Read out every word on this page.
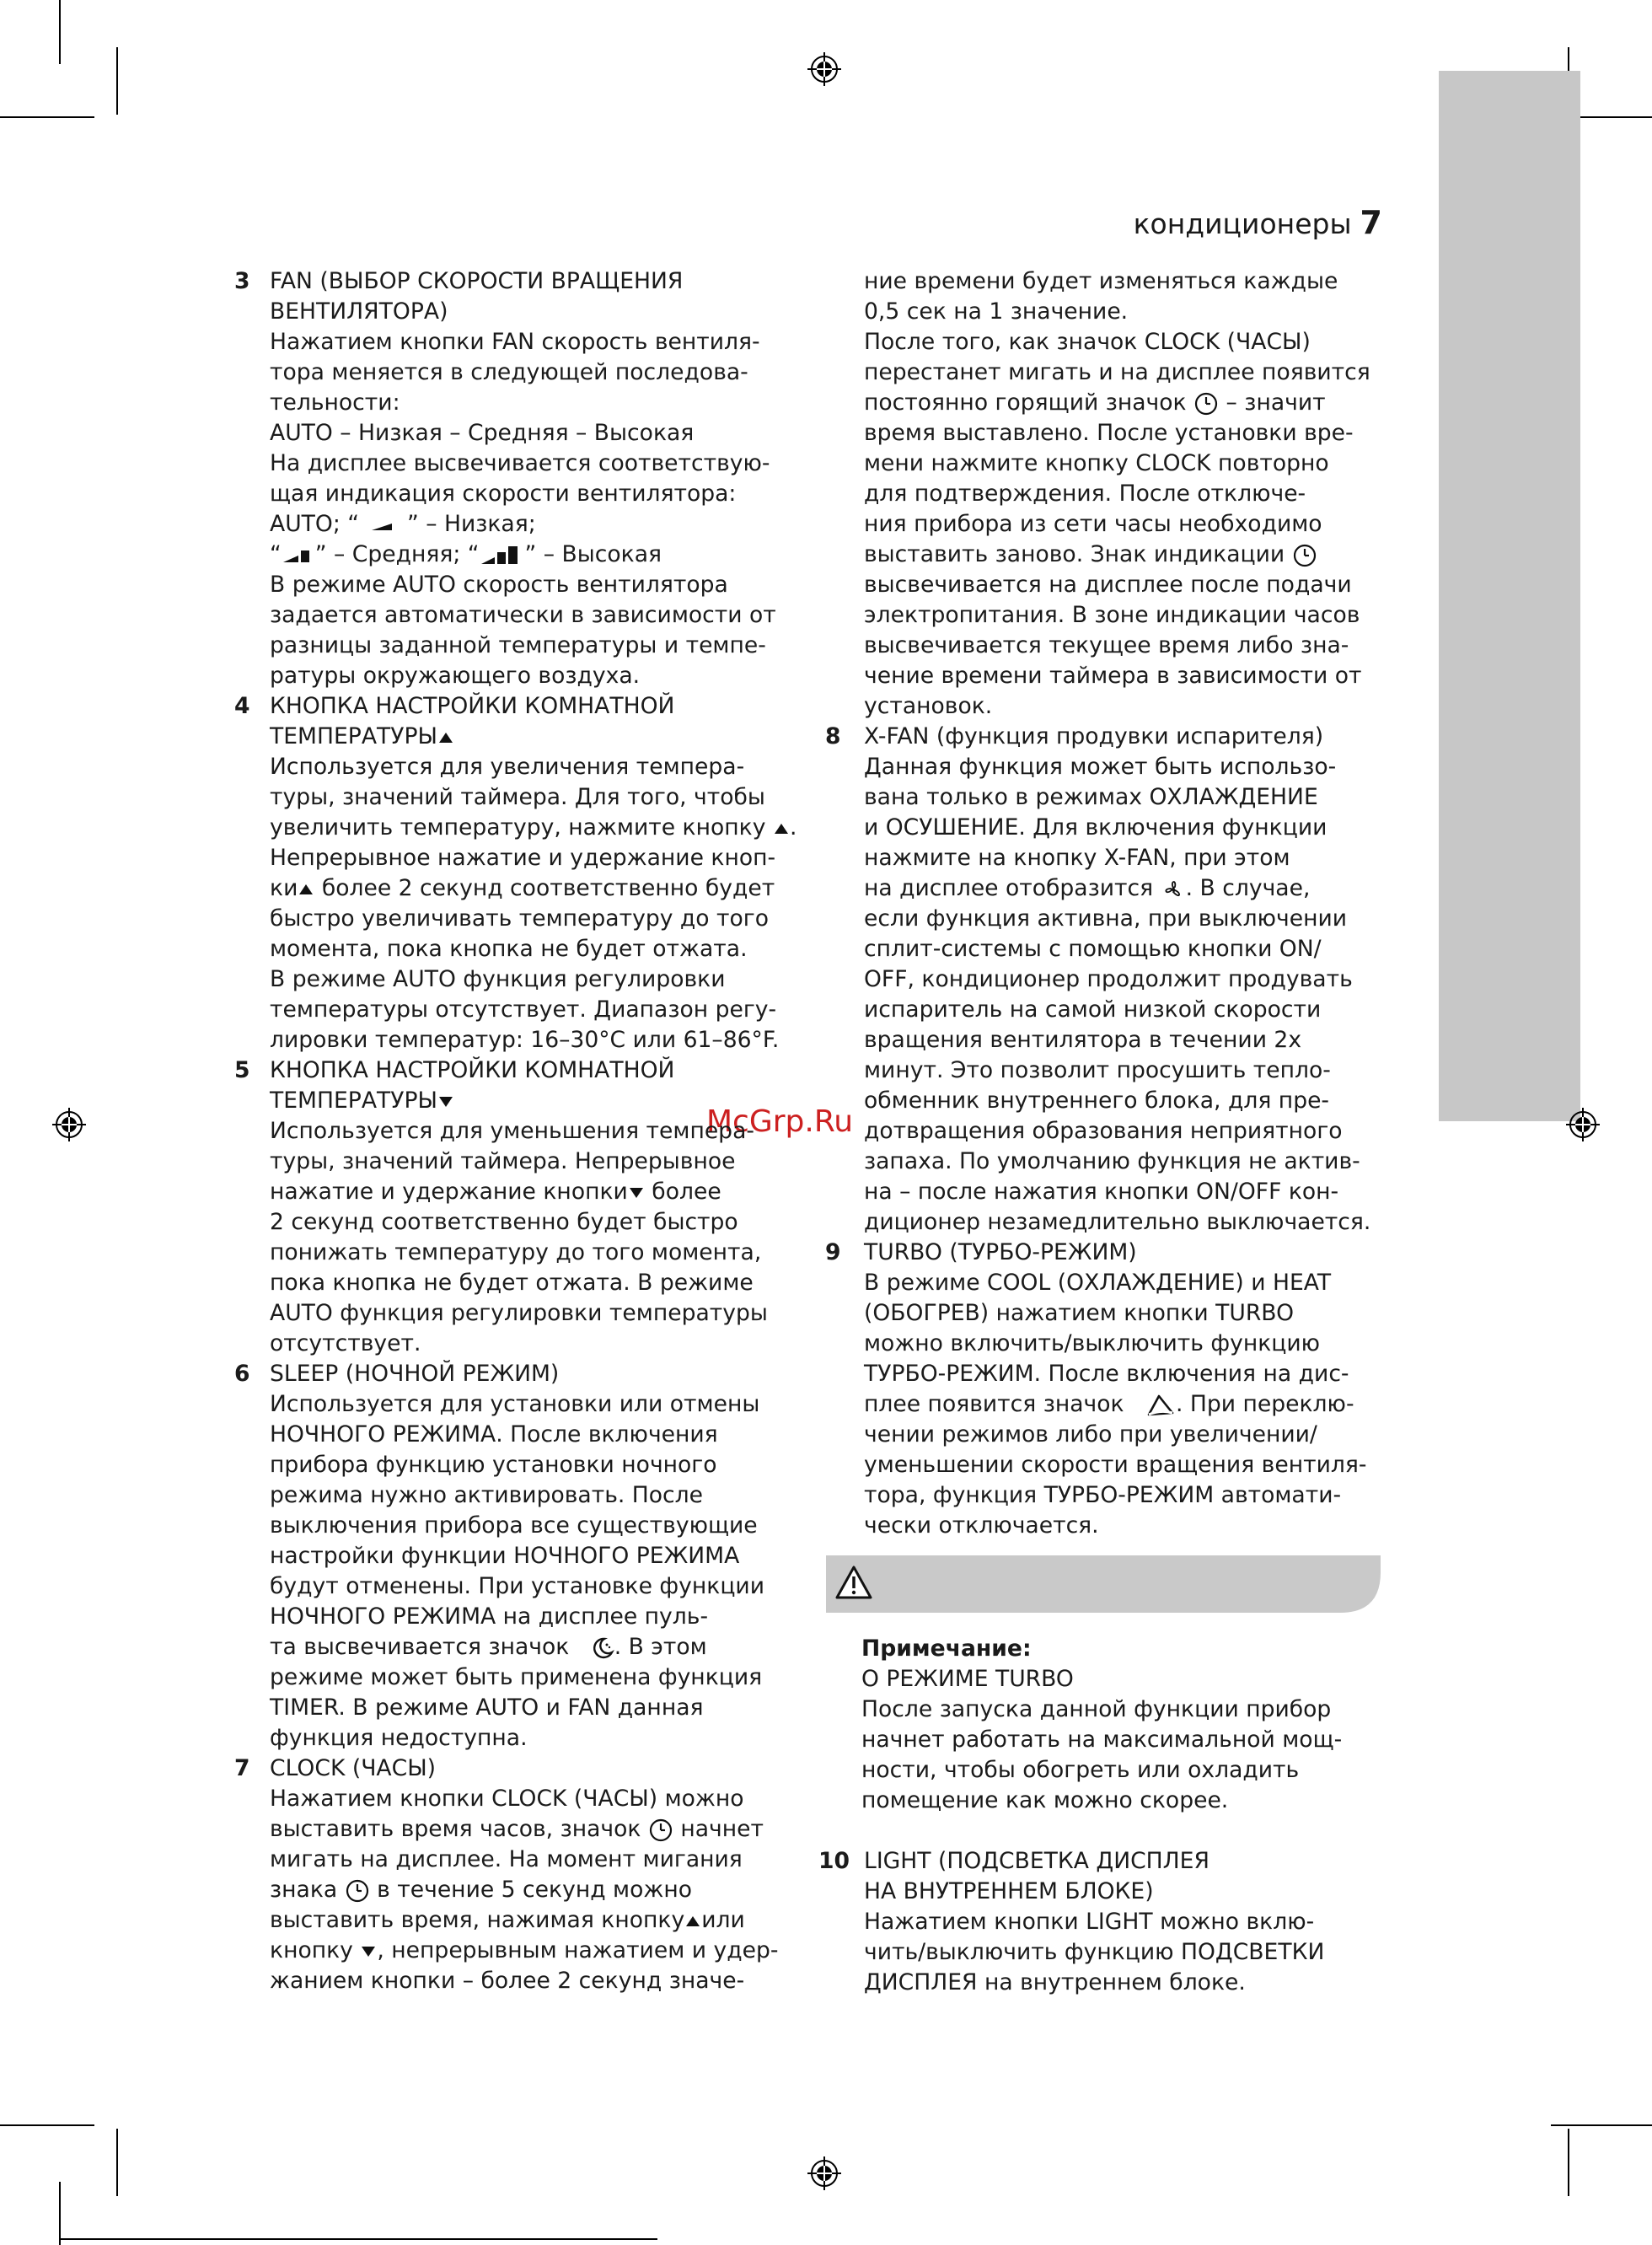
кондиционеры 7
McGrp.Ru
3 FAN (ВЫБОР СКОРОСТИ ВРАЩЕНИЯ
ВЕНТИЛЯТОРА)
Нажатием кнопки FAN скорость вентиля-
тора меняется в следующей последова-
тельности:
AUTO – Низкая – Средняя – Высокая
На дисплее высвечивается соответствую-
щая индикация скорости вентилятора:
AUTO; “ ” – Низкая;
“ ” – Средняя; “ ” – Высокая
В режиме AUTO скорость вентилятора
задается автоматически в зависимости от
разницы заданной температуры и темпе-
ратуры окружающего воздуха.
4 КНОПКА НАСТРОЙКИ КОМНАТНОЙ
ТЕМПЕРАТУРЫ
Используется для увеличения темпера-
туры, значений таймера. Для того, чтобы
увеличить температуру, нажмите кнопку .
Непрерывное нажатие и удержание кноп-
ки более 2 секунд соответственно будет
быстро увеличивать температуру до того
момента, пока кнопка не будет отжата.
В режиме AUTO функция регулировки
температуры отсутствует. Диапазон регу-
лировки температур: 16–30°С или 61–86°F.
5 КНОПКА НАСТРОЙКИ КОМНАТНОЙ
ТЕМПЕРАТУРЫ
Используется для уменьшения темпера-
туры, значений таймера. Непрерывное
нажатие и удержание кнопки более
2 секунд соответственно будет быстро
понижать температуру до того момента,
пока кнопка не будет отжата. В режиме
AUTO функция регулировки температуры
отсутствует.
6 SLEEP (НОЧНОЙ РЕЖИМ)
Используется для установки или отмены
НОЧНОГО РЕЖИМА. После включения
прибора функцию установки ночного
режима нужно активировать. После
выключения прибора все существующие
настройки функции НОЧНОГО РЕЖИМА
будут отменены. При установке функции
НОЧНОГО РЕЖИМА на дисплее пуль-
та высвечивается значок . В этом
режиме может быть применена функция
TIMER. В режиме AUTO и FAN данная
функция недоступна.
7 CLOCK (ЧАСЫ)
Нажатием кнопки CLOCK (ЧАСЫ) можно
выставить время часов, значок начнет
мигать на дисплее. На момент мигания
знака в течение 5 секунд можно
выставить время, нажимая кнопку или
кнопку , непрерывным нажатием и удер-
жанием кнопки – более 2 секунд значе-
ние времени будет изменяться каждые
0,5 сек на 1 значение.
После того, как значок CLOCK (ЧАСЫ)
перестанет мигать и на дисплее появится
постоянно горящий значок – значит
время выставлено. После установки вре-
мени нажмите кнопку CLOCK повторно
для подтверждения. После отключе-
ния прибора из сети часы необходимо
выставить заново. Знак индикации
высвечивается на дисплее после подачи
электропитания. В зоне индикации часов
высвечивается текущее время либо зна-
чение времени таймера в зависимости от
установок.
8 X-FAN (функция продувки испарителя)
Данная функция может быть использо-
вана только в режимах ОХЛАЖДЕНИЕ
и ОСУШЕНИЕ. Для включения функции
нажмите на кнопку X-FAN, при этом
на дисплее отобразится . В случае,
если функция активна, при выключении
сплит-системы с помощью кнопки ON/
OFF, кондиционер продолжит продувать
испаритель на самой низкой скорости
вращения вентилятора в течении 2х
минут. Это позволит просушить тепло-
обменник внутреннего блока, для пре-
дотвращения образования неприятного
запаха. По умолчанию функция не актив-
на – после нажатия кнопки ON/OFF кон-
диционер незамедлительно выключается.
9 TURBO (ТУРБО-РЕЖИМ)
В режиме COOL (ОХЛАЖДЕНИЕ) и HEAT
(ОБОГРЕВ) нажатием кнопки TURBO
можно включить/выключить функцию
ТУРБО-РЕЖИМ. После включения на дис-
плее появится значок . При переклю-
чении режимов либо при увеличении/
уменьшении скорости вращения вентиля-
тора, функция ТУРБО-РЕЖИМ автомати-
чески отключается.
Примечание:
О РЕЖИМЕ TURBO
После запуска данной функции прибор
начнет работать на максимальной мощ-
ности, чтобы обогреть или охладить
помещение как можно скорее.
10 LIGHT (ПОДСВЕТКА ДИСПЛЕЯ
НА ВНУТРЕННЕМ БЛОКЕ)
Нажатием кнопки LIGHT можно вклю-
чить/выключить функцию ПОДСВЕТКИ
ДИСПЛЕЯ на внутреннем блоке.
